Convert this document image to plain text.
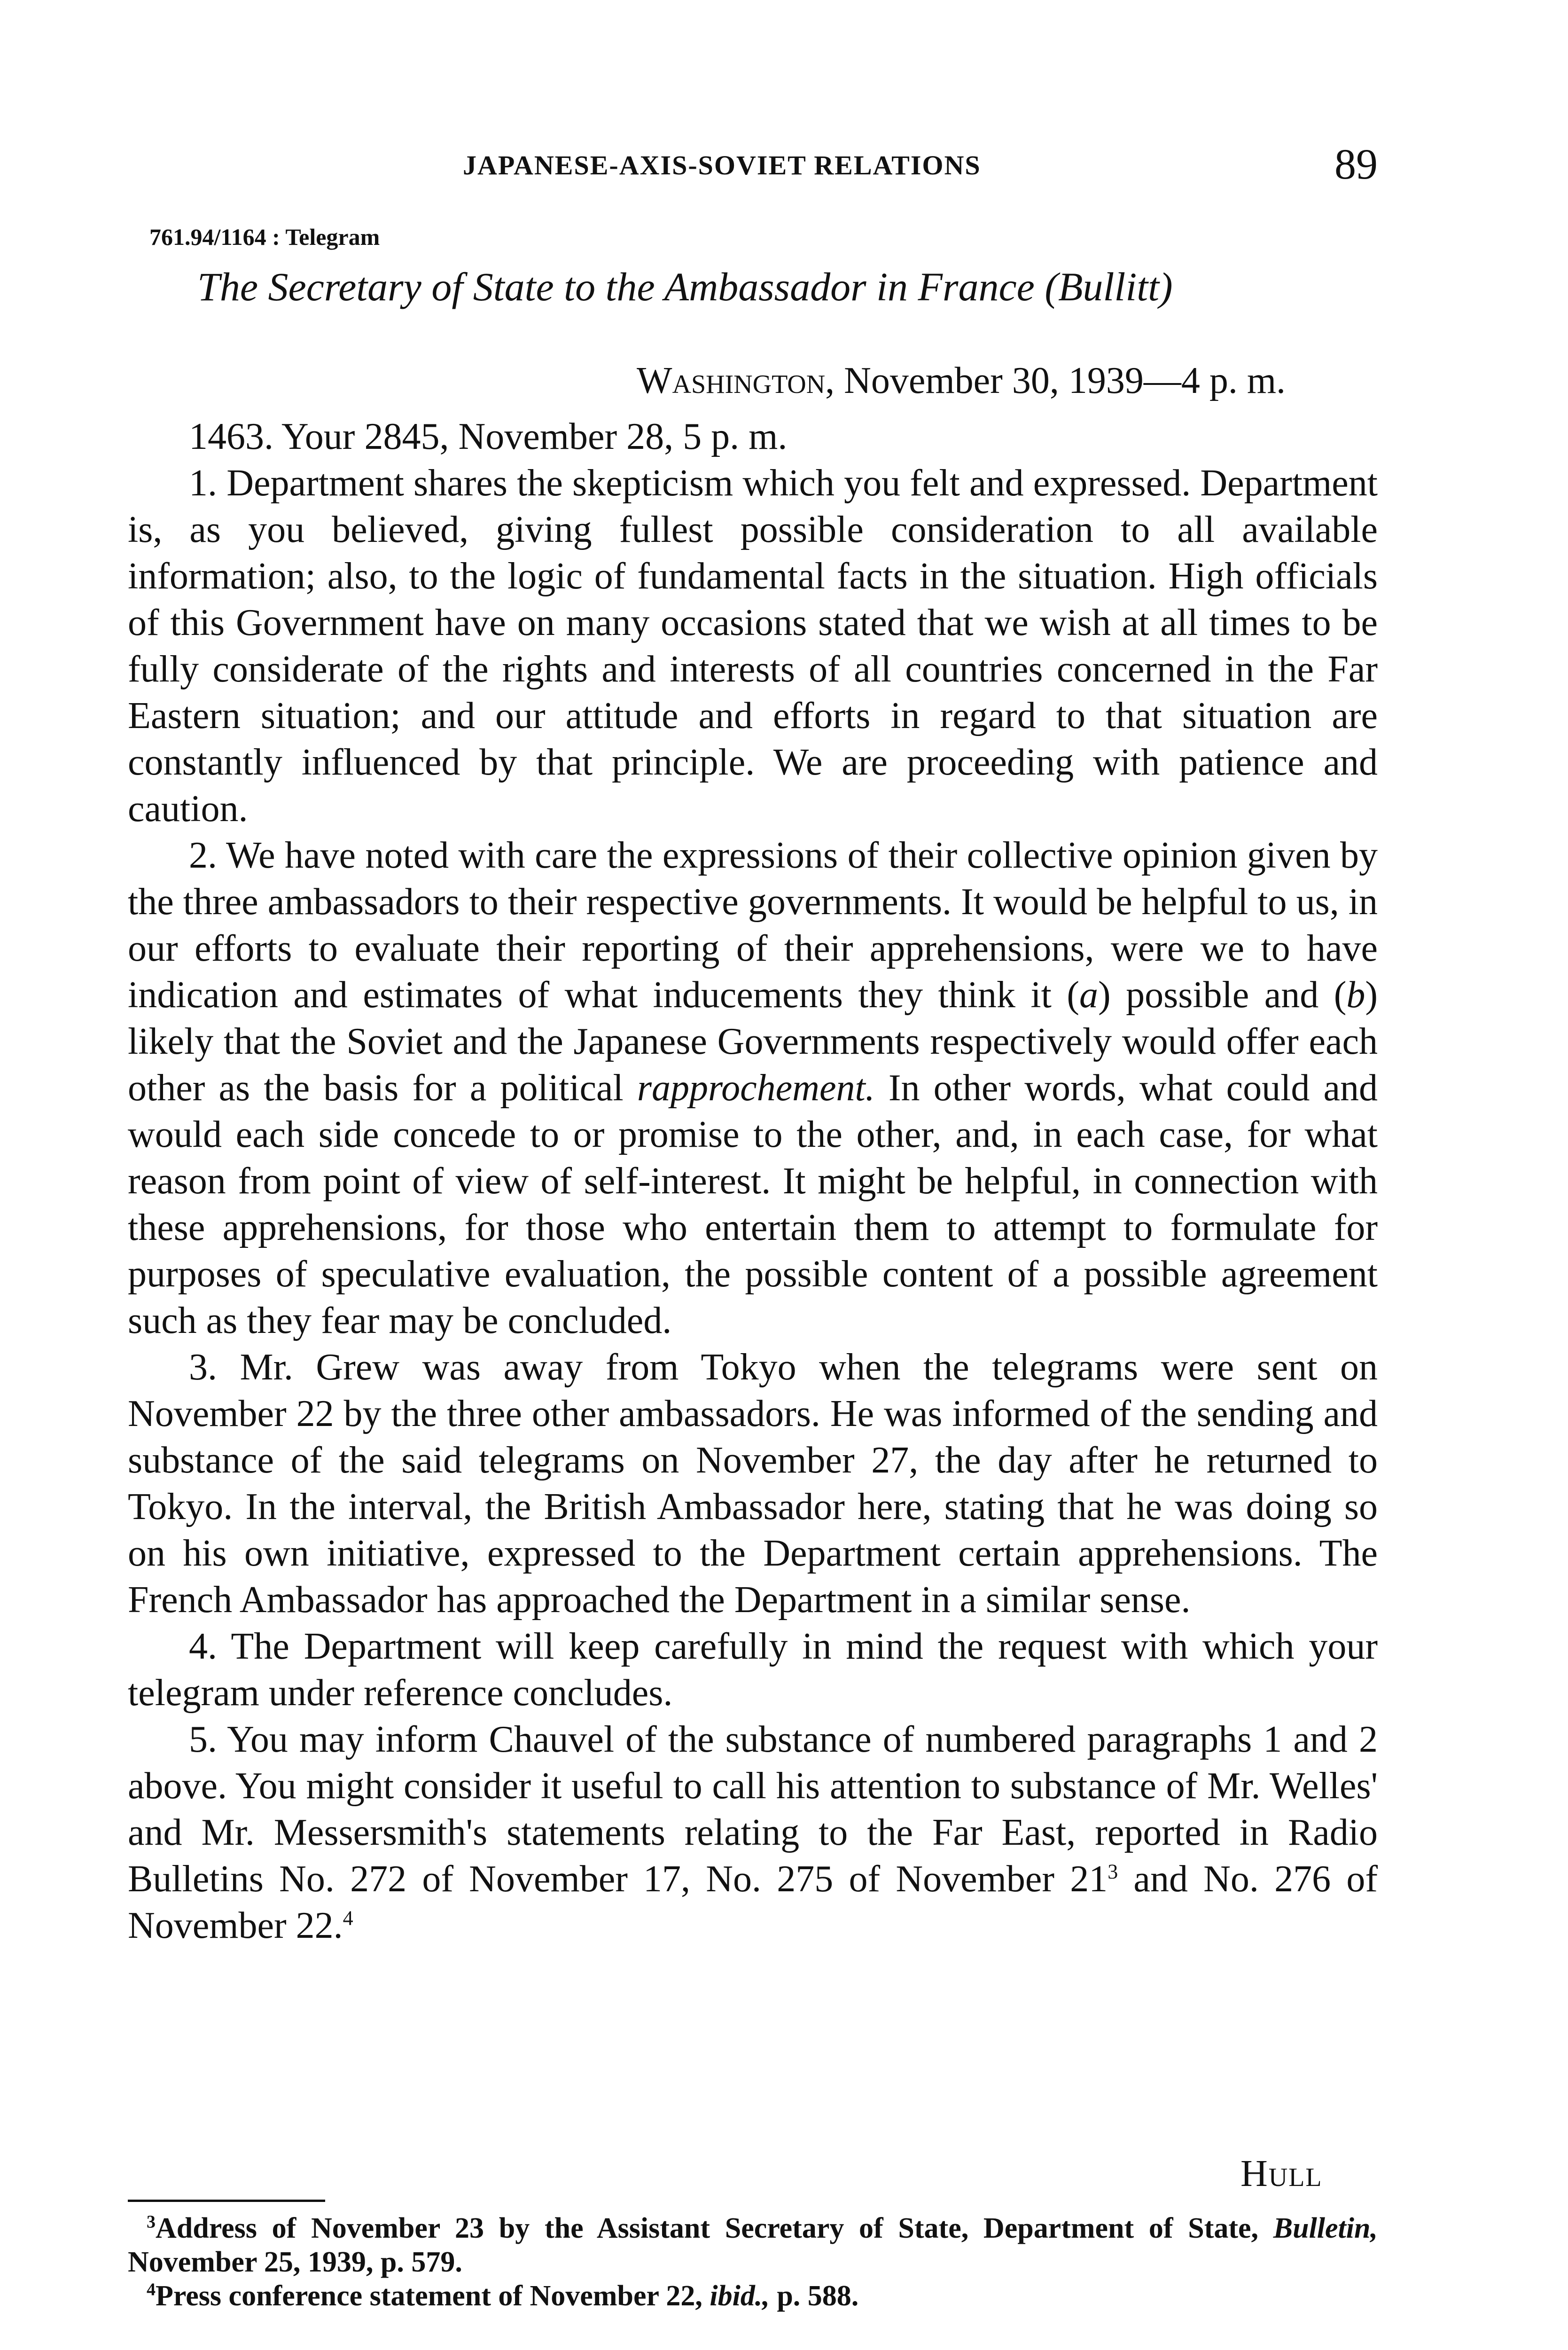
JAPANESE-AXIS-SOVIET RELATIONS	89
761.94/1164 : Telegram
The Secretary of State to the Ambassador in France (Bullitt)
Washington, November 30, 1939—4 p. m.

1463. Your 2845, November 28, 5 p. m.

1. Department shares the skepticism which you felt and expressed. Department is, as you believed, giving fullest possible consideration to all available information; also, to the logic of fundamental facts in the situation. High officials of this Government have on many occasions stated that we wish at all times to be fully considerate of the rights and interests of all countries concerned in the Far Eastern situation; and our attitude and efforts in regard to that situation are constantly influenced by that principle. We are proceeding with patience and caution.

2. We have noted with care the expressions of their collective opinion given by the three ambassadors to their respective governments. It would be helpful to us, in our efforts to evaluate their reporting of their apprehensions, were we to have indication and estimates of what inducements they think it (a) possible and (b) likely that the Soviet and the Japanese Governments respectively would offer each other as the basis for a political rapprochement. In other words, what could and would each side concede to or promise to the other, and, in each case, for what reason from point of view of self-interest. It might be helpful, in connection with these apprehensions, for those who entertain them to attempt to formulate for purposes of speculative evaluation, the possible content of a possible agreement such as they fear may be concluded.

3. Mr. Grew was away from Tokyo when the telegrams were sent on November 22 by the three other ambassadors. He was informed of the sending and substance of the said telegrams on November 27, the day after he returned to Tokyo. In the interval, the British Ambassador here, stating that he was doing so on his own initiative, expressed to the Department certain apprehensions. The French Ambassador has approached the Department in a similar sense.

4. The Department will keep carefully in mind the request with which your telegram under reference concludes.

5. You may inform Chauvel of the substance of numbered paragraphs 1 and 2 above. You might consider it useful to call his attention to substance of Mr. Welles' and Mr. Messersmith's statements relating to the Far East, reported in Radio Bulletins No. 272 of November 17, No. 275 of November 21$^3$ and No. 276 of November 22.$^4$

Hull

$^3$Address of November 23 by the Assistant Secretary of State, Department of State, Bulletin, November 25, 1939, p. 579.

$^4$Press conference statement of November 22, ibid., p. 588.
